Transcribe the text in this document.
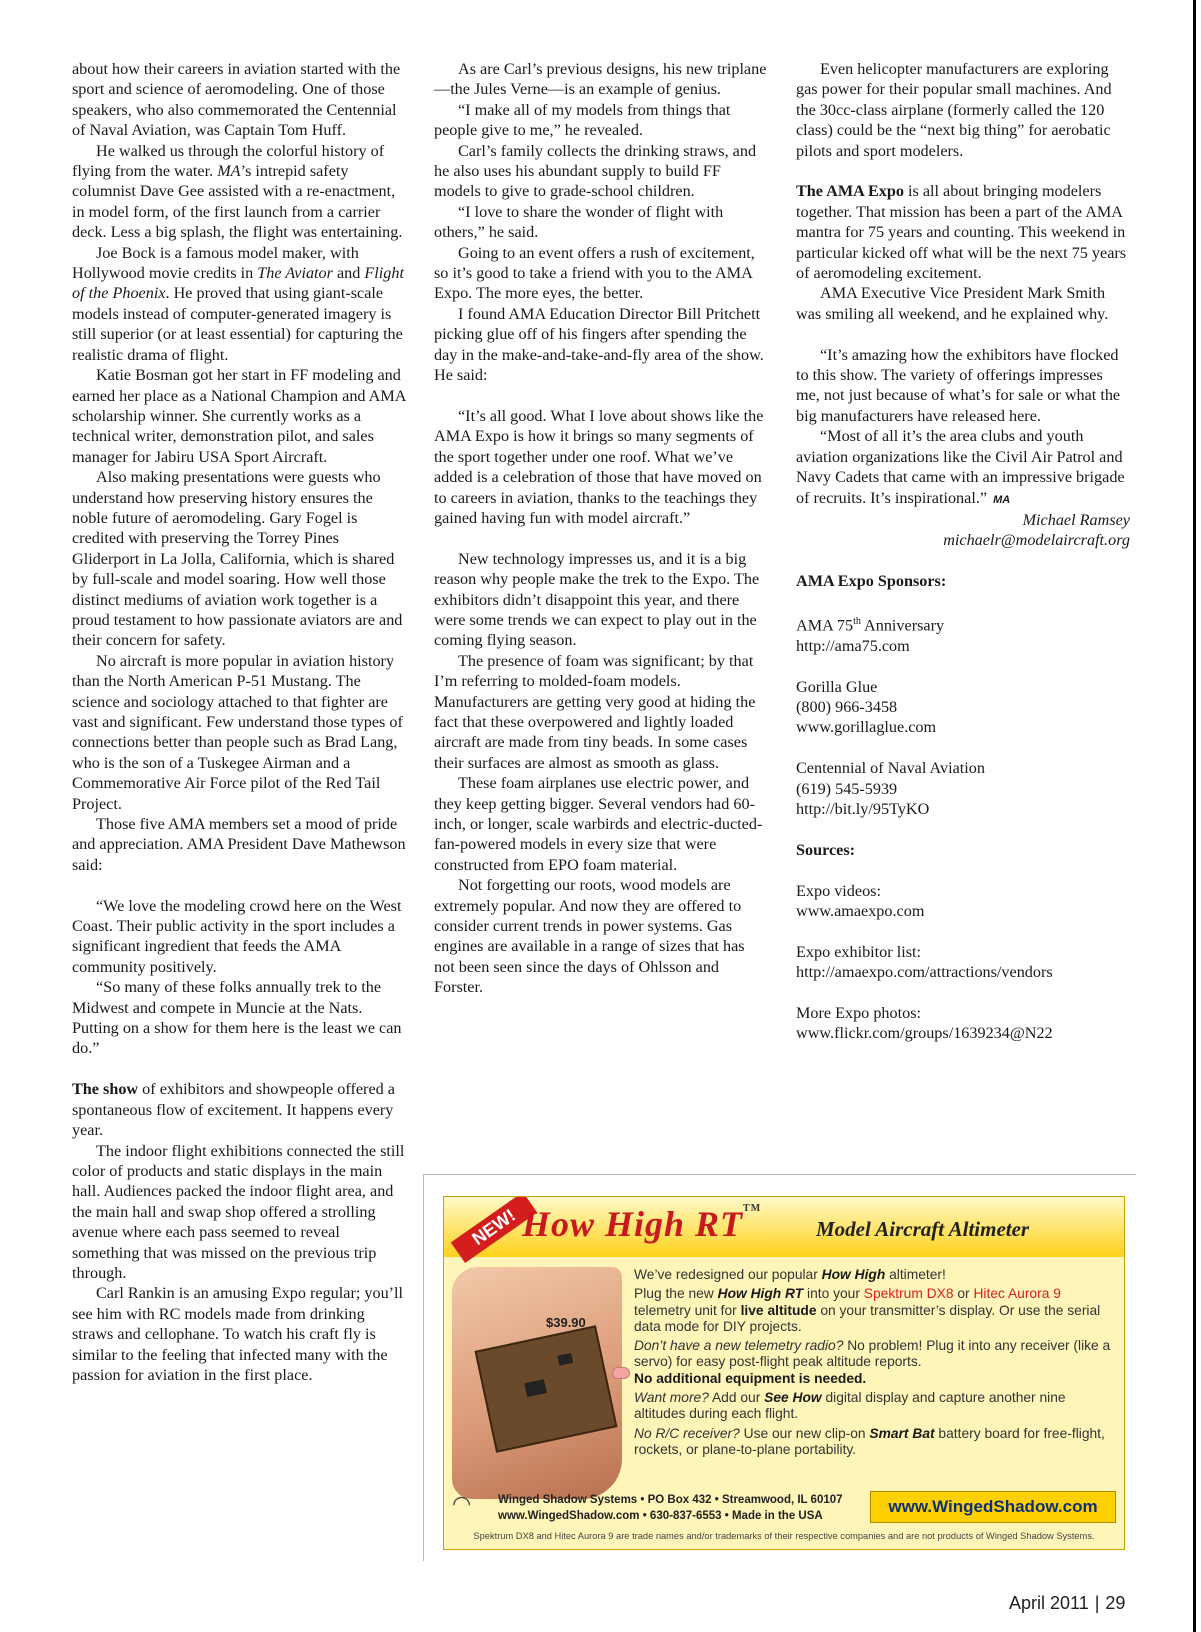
about how their careers in aviation started with the sport and science of aeromodeling. One of those speakers, who also commemorated the Centennial of Naval Aviation, was Captain Tom Huff.

He walked us through the colorful history of flying from the water. MA’s intrepid safety columnist Dave Gee assisted with a re-enactment, in model form, of the first launch from a carrier deck. Less a big splash, the flight was entertaining.

Joe Bock is a famous model maker, with Hollywood movie credits in The Aviator and Flight of the Phoenix. He proved that using giant-scale models instead of computer-generated imagery is still superior (or at least essential) for capturing the realistic drama of flight.

Katie Bosman got her start in FF modeling and earned her place as a National Champion and AMA scholarship winner. She currently works as a technical writer, demonstration pilot, and sales manager for Jabiru USA Sport Aircraft.

Also making presentations were guests who understand how preserving history ensures the noble future of aeromodeling. Gary Fogel is credited with preserving the Torrey Pines Gliderport in La Jolla, California, which is shared by full-scale and model soaring. How well those distinct mediums of aviation work together is a proud testament to how passionate aviators are and their concern for safety.

No aircraft is more popular in aviation history than the North American P-51 Mustang. The science and sociology attached to that fighter are vast and significant. Few understand those types of connections better than people such as Brad Lang, who is the son of a Tuskegee Airman and a Commemorative Air Force pilot of the Red Tail Project.

Those five AMA members set a mood of pride and appreciation. AMA President Dave Mathewson said:

“We love the modeling crowd here on the West Coast. Their public activity in the sport includes a significant ingredient that feeds the AMA community positively.

“So many of these folks annually trek to the Midwest and compete in Muncie at the Nats. Putting on a show for them here is the least we can do.”

The show of exhibitors and showpeople offered a spontaneous flow of excitement. It happens every year.

The indoor flight exhibitions connected the still color of products and static displays in the main hall. Audiences packed the indoor flight area, and the main hall and swap shop offered a strolling avenue where each pass seemed to reveal something that was missed on the previous trip through.

Carl Rankin is an amusing Expo regular; you’ll see him with RC models made from drinking straws and cellophane. To watch his craft fly is similar to the feeling that infected many with the passion for aviation in the first place.

As are Carl’s previous designs, his new triplane—the Jules Verne—is an example of genius.

“I make all of my models from things that people give to me,” he revealed.

Carl’s family collects the drinking straws, and he also uses his abundant supply to build FF models to give to grade-school children.

“I love to share the wonder of flight with others,” he said.

Going to an event offers a rush of excitement, so it’s good to take a friend with you to the AMA Expo. The more eyes, the better.

I found AMA Education Director Bill Pritchett picking glue off of his fingers after spending the day in the make-and-take-and-fly area of the show. He said:

“It’s all good. What I love about shows like the AMA Expo is how it brings so many segments of the sport together under one roof. What we’ve added is a celebration of those that have moved on to careers in aviation, thanks to the teachings they gained having fun with model aircraft.”

New technology impresses us, and it is a big reason why people make the trek to the Expo. The exhibitors didn’t disappoint this year, and there were some trends we can expect to play out in the coming flying season.

The presence of foam was significant; by that I’m referring to molded-foam models. Manufacturers are getting very good at hiding the fact that these overpowered and lightly loaded aircraft are made from tiny beads. In some cases their surfaces are almost as smooth as glass.

These foam airplanes use electric power, and they keep getting bigger. Several vendors had 60-inch, or longer, scale warbirds and electric-ducted-fan-powered models in every size that were constructed from EPO foam material.

Not forgetting our roots, wood models are extremely popular. And now they are offered to consider current trends in power systems. Gas engines are available in a range of sizes that has not been seen since the days of Ohlsson and Forster.

Even helicopter manufacturers are exploring gas power for their popular small machines. And the 30cc-class airplane (formerly called the 120 class) could be the “next big thing” for aerobatic pilots and sport modelers.

The AMA Expo is all about bringing modelers together. That mission has been a part of the AMA mantra for 75 years and counting. This weekend in particular kicked off what will be the next 75 years of aeromodeling excitement.

AMA Executive Vice President Mark Smith was smiling all weekend, and he explained why.

“It’s amazing how the exhibitors have flocked to this show. The variety of offerings impresses me, not just because of what’s for sale or what the big manufacturers have released here.

“Most of all it’s the area clubs and youth aviation organizations like the Civil Air Patrol and Navy Cadets that came with an impressive brigade of recruits. It’s inspirational.” MA

Michael Ramsey

michaelr@modelaircraft.org

AMA Expo Sponsors:

AMA 75th Anniversary

http://ama75.com

Gorilla Glue

(800) 966-3458

www.gorillaglue.com

Centennial of Naval Aviation

(619) 545-5939

http://bit.ly/95TyKO

Sources:

Expo videos:

www.amaexpo.com

Expo exhibitor list:

http://amaexpo.com/attractions/vendors

More Expo photos:

www.flickr.com/groups/1639234@N22

NEW! How High RT™
Model Aircraft Altimeter
$39.90

We’ve redesigned our popular How High altimeter!

Plug the new How High RT into your Spektrum DX8 or Hitec Aurora 9 telemetry unit for live altitude on your transmitter’s display. Or use the serial data mode for DIY projects.

Don’t have a new telemetry radio? No problem! Plug it into any receiver (like a servo) for easy post-flight peak altitude reports.
No additional equipment is needed.

Want more? Add our See How digital display and capture another nine altitudes during each flight.

No R/C receiver? Use our new clip-on Smart Bat battery board for free-flight, rockets, or plane-to-plane portability.

◠ Winged Shadow Systems • PO Box 432 • Streamwood, IL 60107
www.WingedShadow.com • 630-837-6553 • Made in the USA	www.WingedShadow.com
Spektrum DX8 and Hitec Aurora 9 are trade names and/or trademarks of their respective companies and are not products of Winged Shadow Systems.
April 2011 | 29
